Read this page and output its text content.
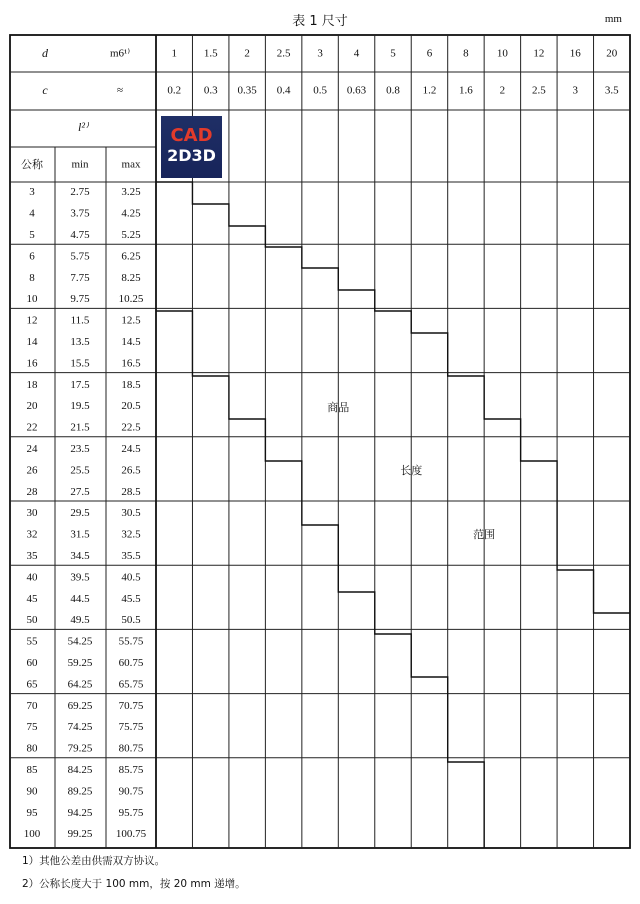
表 1 尺寸	mm
d	m6¹⁾
c	≈
l²⁾
公称	min	max
1 1.5 2 2.5 3	4	5	6	8	10 12 16 20
0.2 0.3 0.35 0.4 0.5 0.63 0.8 1.2 1.6 2 2.5 3 3.5
3	2.75	3.25
4	3.75	4.25
5	4.75	5.25
6	5.75	6.25
8	7.75	8.25
10	9.75	10.25
12	11.5	12.5
14	13.5	14.5
16	15.5	16.5
18	17.5	18.5
20	19.5	20.5
22	21.5	22.5
24	23.5	24.5
26	25.5	26.5
28	27.5	28.5
30	29.5	30.5
32	31.5	32.5
35	34.5	35.5
40	39.5	40.5
45	44.5	45.5
50	49.5	50.5
55	54.25 55.75
60	59.25 60.75
65	64.25 65.75
70	69.25 70.75
75	74.25 75.75
80	79.25 80.75
85	84.25 85.75
90	89.25 90.75
95	94.25 95.75
100 99.25 100.75
商品
长度
范围
CAD
2D3D
1）其他公差由供需双方协议。
2）公称长度大于 100 mm，按 20 mm 递增。
